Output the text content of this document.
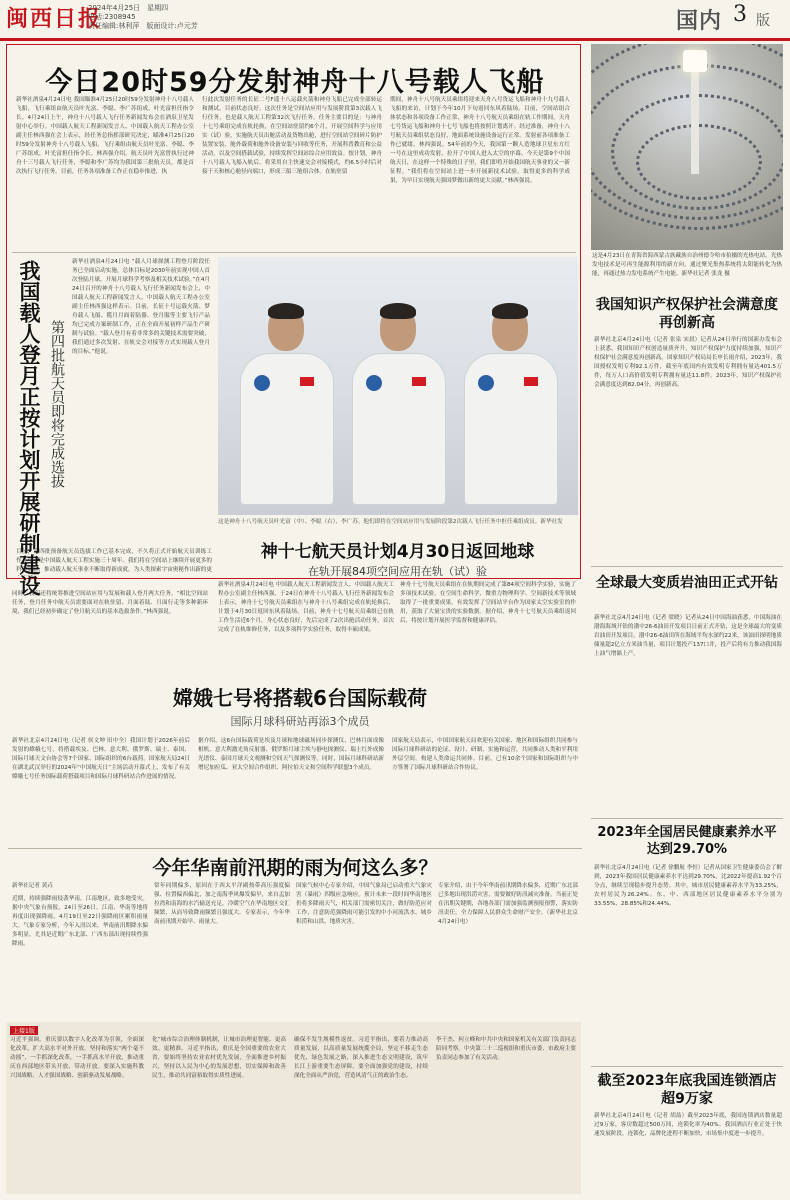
闽西日报
2024年4月25日　星期四
电话:2308945
责任编辑:林利萍　版面设计:卢元芳	国内 3 版
今日20时59分发射神舟十八号载人飞船
新华社酒泉4月24日电 我国瞄准4月25日20时59分发射神舟十八号载人飞船，飞行乘组由航天员叶光富、李聪、李广苏组成，叶光富担任指令长。4月24日上午，神舟十八号载人飞行任务新闻发布会在酒泉卫星发射中心举行。中国载人航天工程新闻发言人、中国载人航天工程办公室副主任林西强在会上表示，经任务总指挥部研究决定，瞄准4月25日20时59分发射神舟十八号载人飞船，飞行乘组由航天员叶光富、李聪、李广苏组成，叶光富担任指令长。林西强介绍，航天员叶光富曾执行过神舟十三号载人飞行任务，李聪和李广苏均为我国第三批航天员，都是首次执行飞行任务。目前，任务各项准备工作正在稳步推进，执
行此次发射任务的长征二号F遥十八运载火箭和神舟飞船已完成全部转运和测试，目前状态良好。这次任务是空间站应用与发展阶段第3次载人飞行任务，也是载人航天工程第32次飞行任务。任务主要目的是：与神舟十七号乘组完成在轨轮换，在空间站驻留约6个月，开展空间科学与应用实（试）验，实施航天员出舱活动及货物出舱，进行空间站空间碎片防护装置安装、舱外载荷和舱外设备安装与回收等任务，开展科普教育和公益活动，以及空间搭载试验，持续发挥空间站综合应用效益。按计划，神舟十八号载人飞船入轨后，将采用自主快速交会对接模式，约6.5小时后对接于天和核心舱径向端口，形成三船三舱组合体。在轨驻留
期间，神舟十八号航天员乘组将迎来天舟八号货运飞船和神舟十九号载人飞船的来访，计划于今年10月下旬返回东风着陆场。目前，空间站组合体状态和各项设备工作正常，神舟十八号航天员乘组在轨工作期间，天舟七号货运飞船和神舟十七号飞船也将按照计划离开。经过准备，神舟十八号航天员乘组状态良好，地面系统设施设备运行正常。发射前各项准备工作已就绪。林西强说。54年前的今天，我国第一颗人造地球卫星东方红一号在这里成功发射，拉开了中国人进入太空的序幕。今天是第9个中国航天日，在这样一个特殊的日子里，我们即将开始我国航天事业的又一新征程。“我们将在空间站上进一步开展新技术试验，取得更多的科学成果，为早日实现航天强国梦做出新的更大贡献。”林西强说。
我国载人登月正按计划开展研制建设 第四批航天员即将完成选拔
新华社酒泉4月24日电 “载人月球探测工程登月阶段任务已全面启动实施，总体目标是2030年前实现中国人首次登陆月球，开展月球科学考察及相关技术试验。”在4月24日召开的神舟十八号载人飞行任务新闻发布会上，中国载人航天工程新闻发言人、中国载人航天工程办公室副主任林西强这样表示。目前，长征十号运载火箭、梦舟载人飞船、揽月月面着陆器、登月服等主要飞行产品均已完成方案研制工作，正在全面开展初样产品生产研制与试验。“载人登月有着非常多的关键技术需要突破，我们通过多次发射、在轨交会对接等方式实现载人登月的目标。”他说。
目前，第四批预备航天员选拔工作已基本完成，不久将正式开始航天员训练工作。今年是中国载人航天工程实施三十周年。我们将在空间站上继续开展更多的科学实验，推动载人航天事业不断取得新成就，为人类探索宇宙奥秘作出新的更
同时，我们还将统筹推进空间站应用与发展和载人登月两大任务。“相比空间站任务，登月任务中航天员需要面对在轨驻留、月面着陆、月面行走等多种新环境，我们已经初步确定了登月航天员的基本选拔条件。”林西强说。
这是神舟十八号航天员叶光富（中）、李聪（右）、李广苏。他们即将在空间站应用与发展阶段第2次载人飞行任务中担任乘组成员。新华社发
神十七航天员计划4月30日返回地球
在轨开展84项空间应用在轨（试）验
新华社酒泉4月24日电 中国载人航天工程新闻发言人、中国载人航天工程办公室副主任林西强，于24日在神舟十八号载人飞行任务新闻发布会上表示，神舟十七号航天员乘组在与神舟十八号乘组完成在轨轮换后，计划于4月30日返回东风着陆场。目前，神舟十七号航天员乘组已在轨工作生活近6个月，身心状态良好，先后完成了2次出舱活动任务，首次完成了在轨维修任务，以及多项科学实验任务，取得丰硕成果。
神舟十七号航天员乘组在在轨期间完成了第84项空间科学实验，实施了多项技术试验，在空间生命科学、微重力物理科学、空间新技术等领域取得了一批重要成果，有效发挥了空间站平台作为国家太空实验室的作用，获取了大量宝贵的实验数据。据介绍，神舟十七号航天员乘组返回后，将按计划开展医学监督和健康评估。
嫦娥七号将搭载6台国际载荷
国际月球科研站再添3个成员
新华社北京4月24日电（记者 侯文坤 田中全）我国计划于2026年前后发射的嫦娥七号，将搭载埃及、巴林、意大利、俄罗斯、瑞士、泰国、国际月球天文台协会等7个国家、国际组织的6台载荷。国家航天局24日在湖北武汉举行的2024年“中国航天日”主场活动开幕式上，发布了有关嫦娥七号任务国际载荷搭载项目和国际月球科研站合作进展的情况。
据介绍，这6台国际载荷是埃及月球和地球磁场同步探测仪、巴林月面成像相机、意大利激光角反射器、俄罗斯月球尘埃与静电探测仪、瑞士红外成像光谱仪、泰国月球天文观测和空间天气探测仪等。同时，国际月球科研站新增尼加拉瓜、亚太空间合作组织、阿拉伯天文和空间科学联盟3个成员。
国家航天局表示，中国国家航天局欢迎有关国家、地区和国际组织共同参与国际月球科研站的论证、设计、研制、实施和运营，共同推动人类和平利用外层空间，构建人类命运共同体。目前，已有10余个国家和国际组织与中方签署了国际月球科研站合作协议。
今年华南前汛期的雨为何这么多？
新华社记者 黄垚
近期，持续强降雨侵袭华南，江南地区，致多地受灾。据中央气象台预报，24日至26日，江南、华南等地将再度出现强降雨，4月19日至22日强降雨区累积雨量大。气象专家分析，今年入汛以来，华南前汛期降水偏多明显，尤其是近期广东北部、广西东部出现持续性强降雨。
常年同期偏多，原因在于西太平洋副热带高压强度偏强、位置偏西偏北，加之南海季风爆发偏早，来自孟加拉湾和南海的水汽输送充足，冷暖空气在华南地区交汇频繁，从而导致降雨频繁且强度大。专家表示，今年华南前汛期开始早、雨量大。
国家气候中心专家介绍，中国气象局已启动重大气象灾害（暴雨）四级应急响应。预计未来一段时间华南地区仍将多降雨天气，相关部门需密切关注，做好防范应对工作，注意防范强降雨可能引发的中小河流洪水、城乡积涝和山洪、地质灾害。
专家介绍，由于今年华南前汛期降水偏多，近期广东北部已多地出现洪涝灾害，需要做好防汛减灾准备。当前正处在汛期关键期，各地各部门需加强监测预报预警，落实防汛责任，全力保障人民群众生命财产安全。（新华社北京4月24日电）
上接1版
习近平强调，重庆要以数字人化改革为引领，全面深化改革，扩大高水平对外开放。坚持和落实“两个毫不动摇”，一手抓深化改革，一手抓高水平开放，推动重庆在西部地区带头开放、带动开放。要深入实施科教兴国战略、人才强国战略、创新驱动发展战略。
化”城市综合治理体制机制，让城市治理更智能、更高效、更精准。习近平指出，重庆是全国重要的农业大省，要始终坚持农业农村优先发展，全面推进乡村振兴，坚持以人民为中心的发展思想，切实保障和改善民生，推动共同富裕取得实质性进展。
确保不发生规模性返贫。习近平指出，要着力推动高质量发展，以高质量发展统揽全局，坚定不移走生态优先、绿色发展之路，深入推进生态文明建设，筑牢长江上游重要生态屏障。要全面加强党的建设，持续深化全面从严治党，营造风清气正的政治生态。
李干杰、何立峰和中共中央和国家机关有关部门负责同志陪同考察。中央第二十二巡视组和重庆市委、市政府主要负责同志参加了有关活动。
这是4月23日在青海省海西蒙古族藏族自治州德令哈市拍摄的光热电站。光热发电技术是可再生能源利用的新方向，通过聚光集热系统将太阳能转化为热能，再通过热力发电系统产生电能。新华社记者 张龙 摄
我国知识产权保护社会满意度再创新高
新华社北京4月24日电（记者 张泉 宋晨）记者从24日举行的国新办发布会上获悉，我国知识产权创造量质齐升，知识产权保护力度持续加强，知识产权保护社会满意度再创新高。国家知识产权局局长申长雨介绍，2023年，我国授权发明专利92.1万件，截至年底国内有效发明专利拥有量达401.5万件，每万人口高价值发明专利拥有量达11.8件。2023年，知识产权保护社会满意度达到82.04分，再创新高。
全球最大变质岩油田正式开钻
新华社北京4月24日电（记者 梁晓）记者从24日中国海油获悉，中国海油在渤海海域开钻的渤中26-6油田开发项目日前正式开钻，这是全球最大的变质岩油田开发项目。渤中26-6油田所在海域平均水深约22米，该油田探明地质储量超2亿立方米油当量，项目计划投产137口井，投产后将有力推动我国海上油气增储上产。
2023年全国居民健康素养水平达到29.70%
新华社北京4月24日电（记者 徐鹏航 李恒）记者从国家卫生健康委员会了解到，2023年我国居民健康素养水平达到29.70%，比2022年提高1.92个百分点，继续呈现稳步提升态势。其中，城市居民健康素养水平为33.25%，农村居民为26.24%。东、中、西部地区居民健康素养水平分别为33.55%、28.85%和24.44%。
截至2023年底我国连锁酒店超9万家
新华社北京4月24日电（记者 胡喆）截至2023年底，我国连锁酒店数量超过9万家，客房数超过500万间，连锁化率为40%。我国酒店行业正处于快速发展阶段，连锁化、品牌化进程不断加快，市场集中度进一步提升。
